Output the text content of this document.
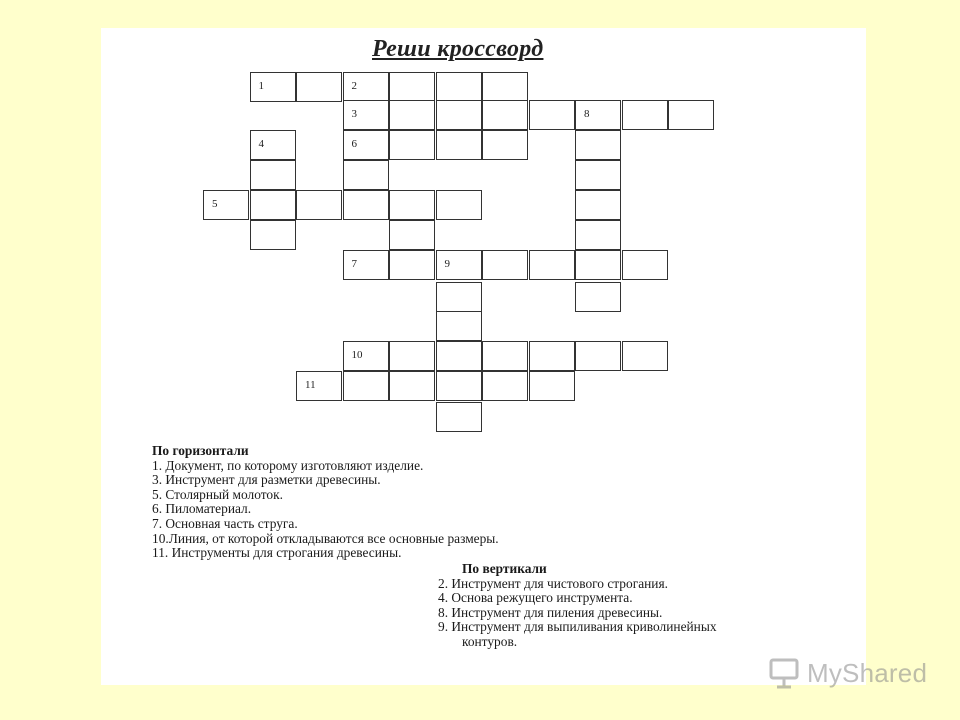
Реши кроссворд
1	2
3	8
4	6
5
7	9
10
11
По горизонтали
1. Документ, по которому изготовляют изделие.
3. Инструмент для разметки древесины.
5. Столярный молоток.
6. Пиломатериал.
7. Основная часть струга.
10.Линия, от которой откладываются все основные размеры.
11. Инструменты для строгания древесины.
По вертикали
2. Инструмент для чистового строгания.
4. Основа режущего инструмента.
8. Инструмент для пиления древесины.
9. Инструмент для выпиливания криволинейных
контуров.
MyShared
